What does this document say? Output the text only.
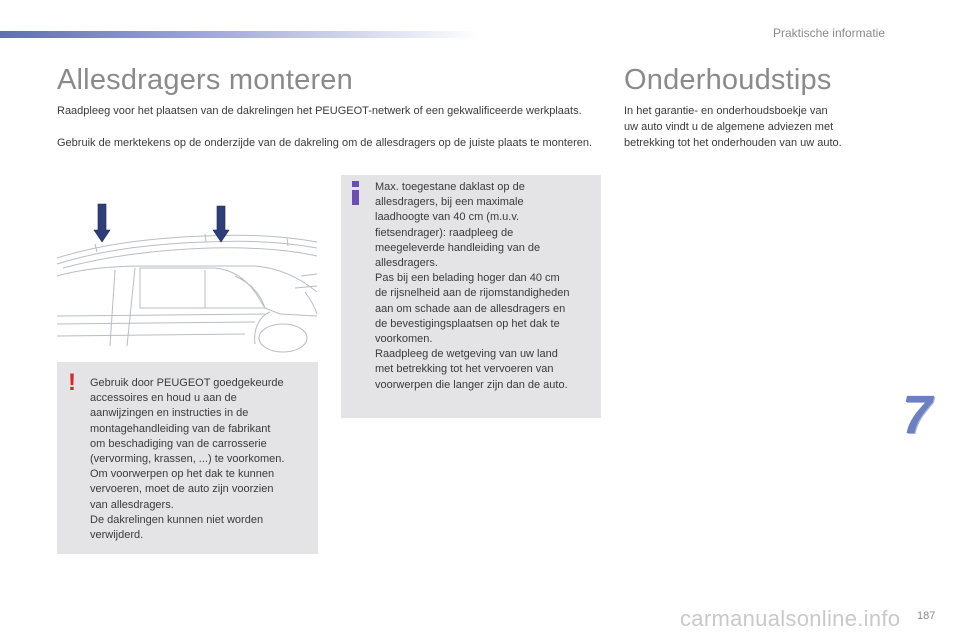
Praktische informatie
Allesdragers monteren

Raadpleeg voor het plaatsen van de dakrelingen het PEUGEOT-netwerk of een gekwalificeerde werkplaats.

Gebruik de merktekens op de onderzijde van de dakreling om de allesdragers op de juiste plaats te monteren.

! Gebruik door PEUGEOT goedgekeurde
accessoires en houd u aan de
aanwijzingen en instructies in de
montagehandleiding van de fabrikant
om beschadiging van de carrosserie
(vervorming, krassen, ...) te voorkomen.
Om voorwerpen op het dak te kunnen
vervoeren, moet de auto zijn voorzien
van allesdragers.
De dakrelingen kunnen niet worden
verwijderd.
Max. toegestane daklast op de
allesdragers, bij een maximale
laadhoogte van 40 cm (m.u.v.
fietsendrager): raadpleeg de
meegeleverde handleiding van de
allesdragers.
Pas bij een belading hoger dan 40 cm
de rijsnelheid aan de rijomstandigheden
aan om schade aan de allesdragers en
de bevestigingsplaatsen op het dak te
voorkomen.
Raadpleeg de wetgeving van uw land
met betrekking tot het vervoeren van
voorwerpen die langer zijn dan de auto.
Onderhoudstips
In het garantie- en onderhoudsboekje van
uw auto vindt u de algemene adviezen met
betrekking tot het onderhouden van uw auto.
7
carmanualsonline.info 187
